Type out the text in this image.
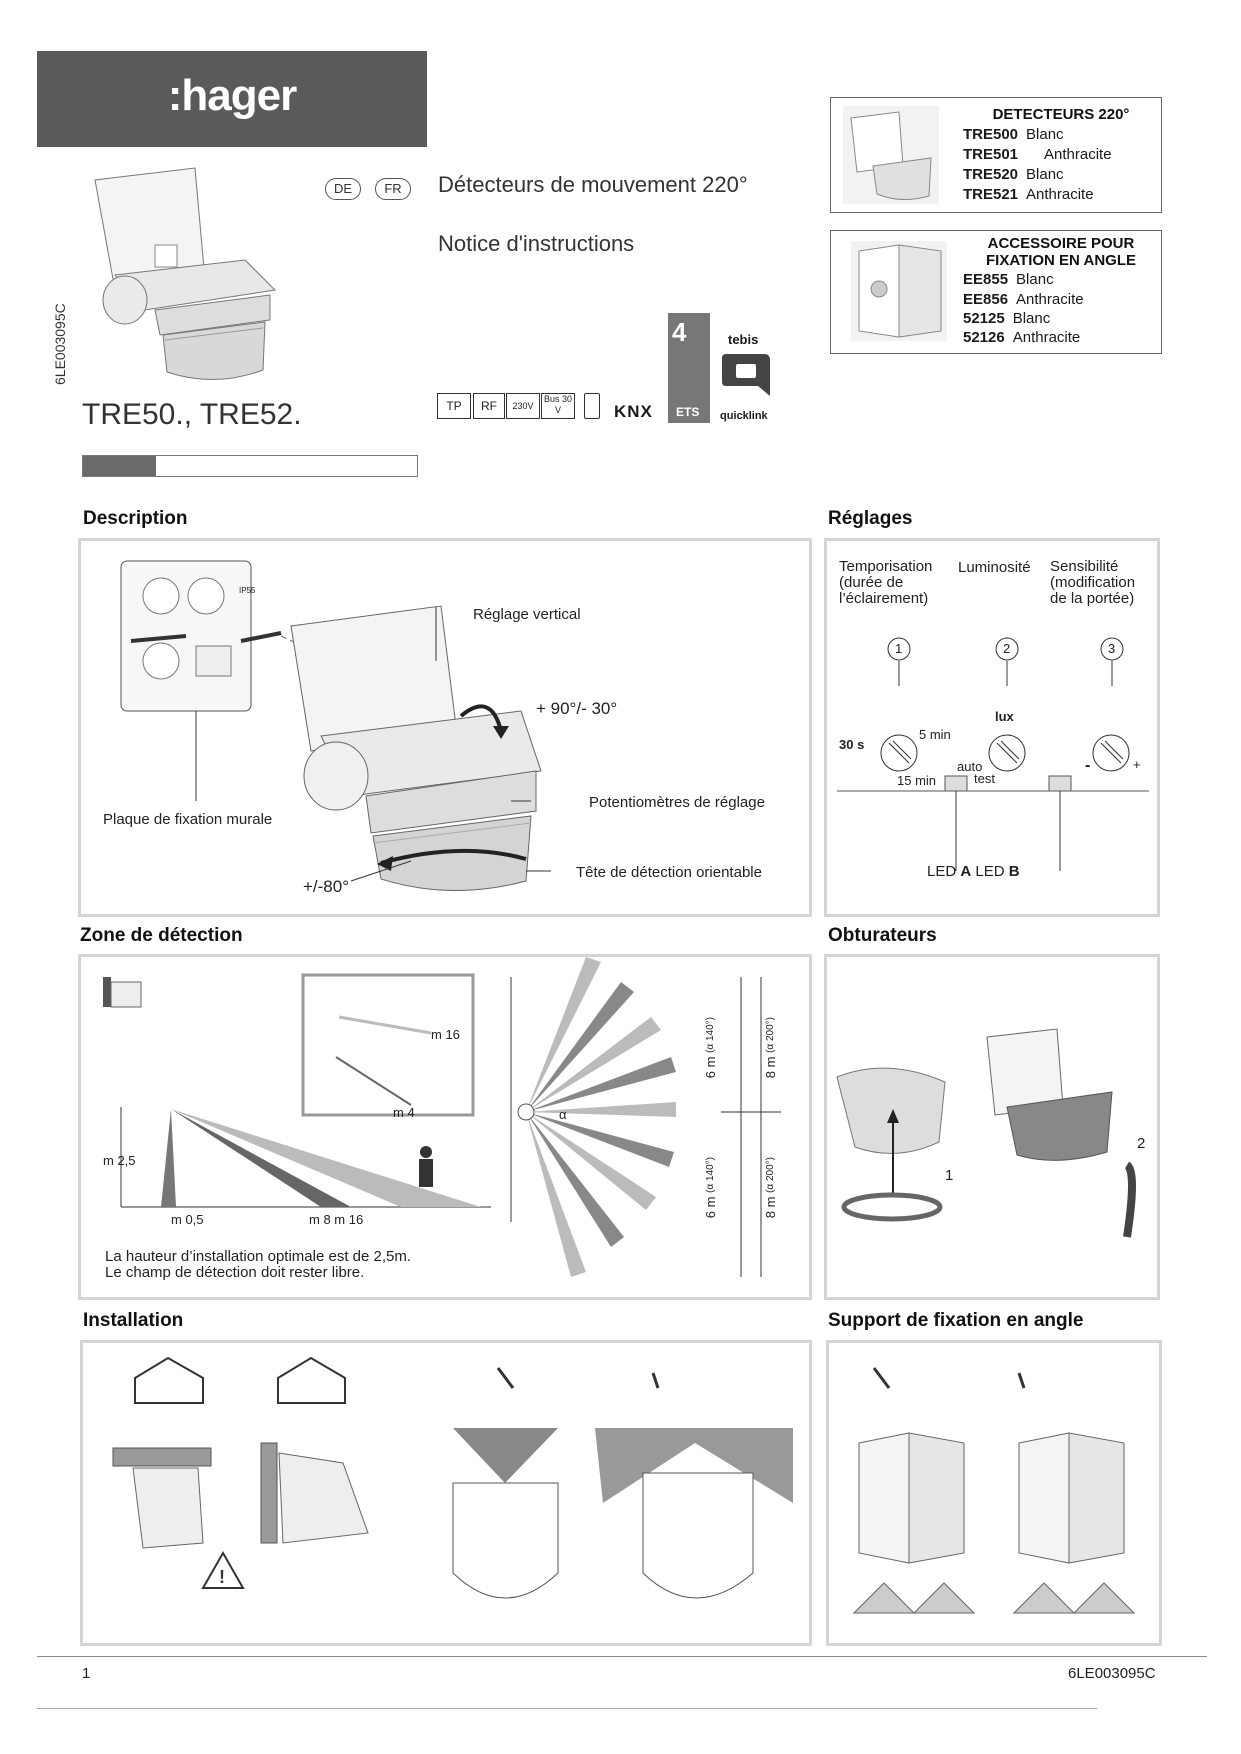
:hager
6LE003095C
DE	FR	Détecteurs de mouvement 220°
Notice d'instructions
TRE50., TRE52.	TP	RF	230V
Bus 30 V	KNX
4
ETS
tebis
quicklink
DETECTEURS 220°
TRE500 Blanc
TRE501 Anthracite
TRE520 Blanc
TRE521 Anthracite
ACCESSOIRE POUR
FIXATION EN ANGLE
EE855 Blanc
EE856 Anthracite
52125 Blanc
52126 Anthracite
Description
IP55
Réglage vertical
+ 90°/- 30°
Plaque de fixation murale
Potentiomètres de réglage
Tête de détection orientable
+/-80°
Réglages
Temporisation
(durée de
l’éclairement)
Luminosité Sensibilité
(modification
de la portée)
1	2	3
5 min
30 s
15 min
lux
auto
test
-	+
LED A LED B
Zone de détection
m 16
m 4
m 2,5
m 0,5	m 8 m 16
α
6 m (α 140°)
8 m (α 200°)
6 m (α 140°)
8 m (α 200°)
La hauteur d’installation optimale est de 2,5m.
Le champ de détection doit rester libre.
Obturateurs
1
2
Installation
!
Support de fixation en angle
1	6LE003095C
